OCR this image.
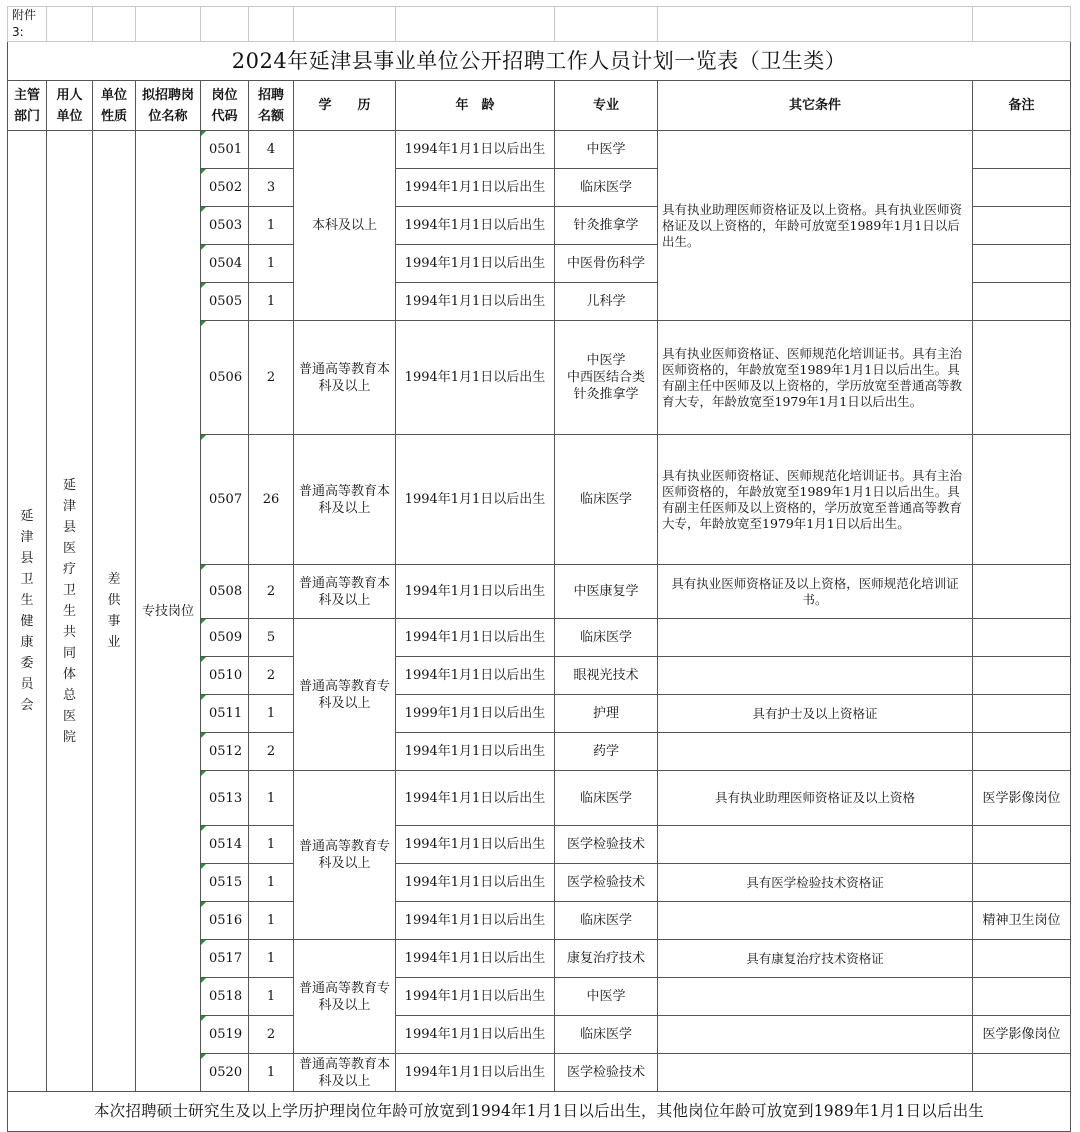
附件3:										
2024年延津县事业单位公开招聘工作人员计划一览表（卫生类）										
主管部门	用人单位	单位性质	拟招聘岗位名称	岗位代码	招聘名额	学　　历	年　龄	专业	其它条件	备注
延津县卫生健康委员会	延津县医疗卫生共同体总医院	差供事业	专技岗位	0501	4	本科及以上	1994年1月1日以后出生	中医学	具有执业助理医师资格证及以上资格。具有执业医师资格证及以上资格的，年龄可放宽至1989年1月1日以后出生。	
				0502	3		1994年1月1日以后出生	临床医学		

				0503	1		1994年1月1日以后出生	针灸推拿学		

				0504	1		1994年1月1日以后出生	中医骨伤科学		

				0505	1		1994年1月1日以后出生	儿科学		

				0506	2	普通高等教育本科及以上	1994年1月1日以后出生	中医学
中西医结合类
针灸推拿学	具有执业医师资格证、医师规范化培训证书。具有主治医师资格的，年龄放宽至1989年1月1日以后出生。具有副主任中医师及以上资格的，学历放宽至普通高等教育大专，年龄放宽至1979年1月1日以后出生。	
				0507	26	普通高等教育本科及以上	1994年1月1日以后出生	临床医学	具有执业医师资格证、医师规范化培训证书。具有主治医师资格的，年龄放宽至1989年1月1日以后出生。具有副主任医师及以上资格的，学历放宽至普通高等教育大专，年龄放宽至1979年1月1日以后出生。	
				0508	2	普通高等教育本科及以上	1994年1月1日以后出生	中医康复学	具有执业医师资格证及以上资格，医师规范化培训证书。	
				0509	5	普通高等教育专科及以上	1994年1月1日以后出生	临床医学		

				0510	2		1994年1月1日以后出生	眼视光技术		

				0511	1		1999年1月1日以后出生	护理	具有护士及以上资格证	
				0512	2		1994年1月1日以后出生	药学		

				0513	1	普通高等教育专科及以上	1994年1月1日以后出生	临床医学	具有执业助理医师资格证及以上资格	医学影像岗位
				0514	1		1994年1月1日以后出生	医学检验技术		

				0515	1		1994年1月1日以后出生	医学检验技术	具有医学检验技术资格证	
				0516	1		1994年1月1日以后出生	临床医学		精神卫生岗位
				0517	1	普通高等教育专科及以上	1994年1月1日以后出生	康复治疗技术	具有康复治疗技术资格证	
				0518	1		1994年1月1日以后出生	中医学		

				0519	2		1994年1月1日以后出生	临床医学		医学影像岗位
				0520	1	普通高等教育本科及以上	1994年1月1日以后出生	医学检验技术		

本次招聘硕士研究生及以上学历护理岗位年龄可放宽到1994年1月1日以后出生，其他岗位年龄可放宽到1989年1月1日以后出生										
